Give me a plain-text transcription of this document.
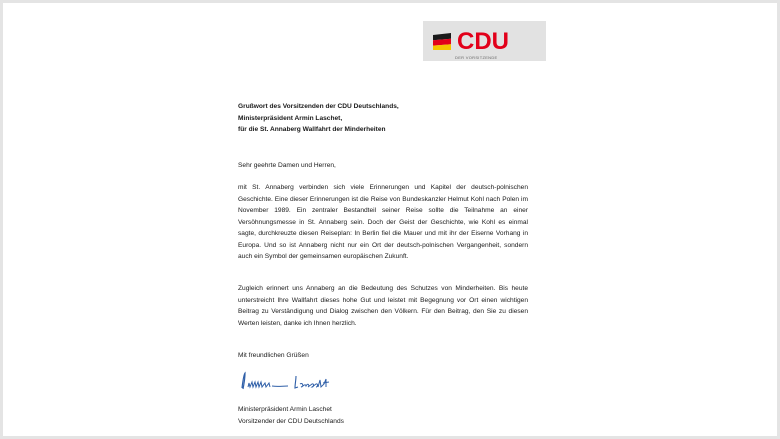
CDU
DER VORSITZENDE
Grußwort des Vorsitzenden der CDU Deutschlands,
Ministerpräsident Armin Laschet,
für die St. Annaberg Wallfahrt der Minderheiten
Sehr geehrte Damen und Herren,
mit St. Annaberg verbinden sich viele Erinnerungen und Kapitel der deutsch-polnischen Geschichte. Eine dieser Erinnerungen ist die Reise von Bundeskanzler Helmut Kohl nach Polen im November 1989. Ein zentraler Bestandteil seiner Reise sollte die Teilnahme an einer Versöhnungsmesse in St. Annaberg sein. Doch der Geist der Geschichte, wie Kohl es einmal sagte, durchkreuzte diesen Reiseplan: In Berlin fiel die Mauer und mit ihr der Eiserne Vorhang in Europa. Und so ist Annaberg nicht nur ein Ort der deutsch-polnischen Vergangenheit, sondern auch ein Symbol der gemeinsamen europäischen Zukunft.
Zugleich erinnert uns Annaberg an die Bedeutung des Schutzes von Minderheiten. Bis heute unterstreicht Ihre Wallfahrt dieses hohe Gut und leistet mit Begegnung vor Ort einen wichtigen Beitrag zu Verständigung und Dialog zwischen den Völkern. Für den Beitrag, den Sie zu diesen Werten leisten, danke ich Ihnen herzlich.
Mit freundlichen Grüßen
Ministerpräsident Armin Laschet
Vorsitzender der CDU Deutschlands
